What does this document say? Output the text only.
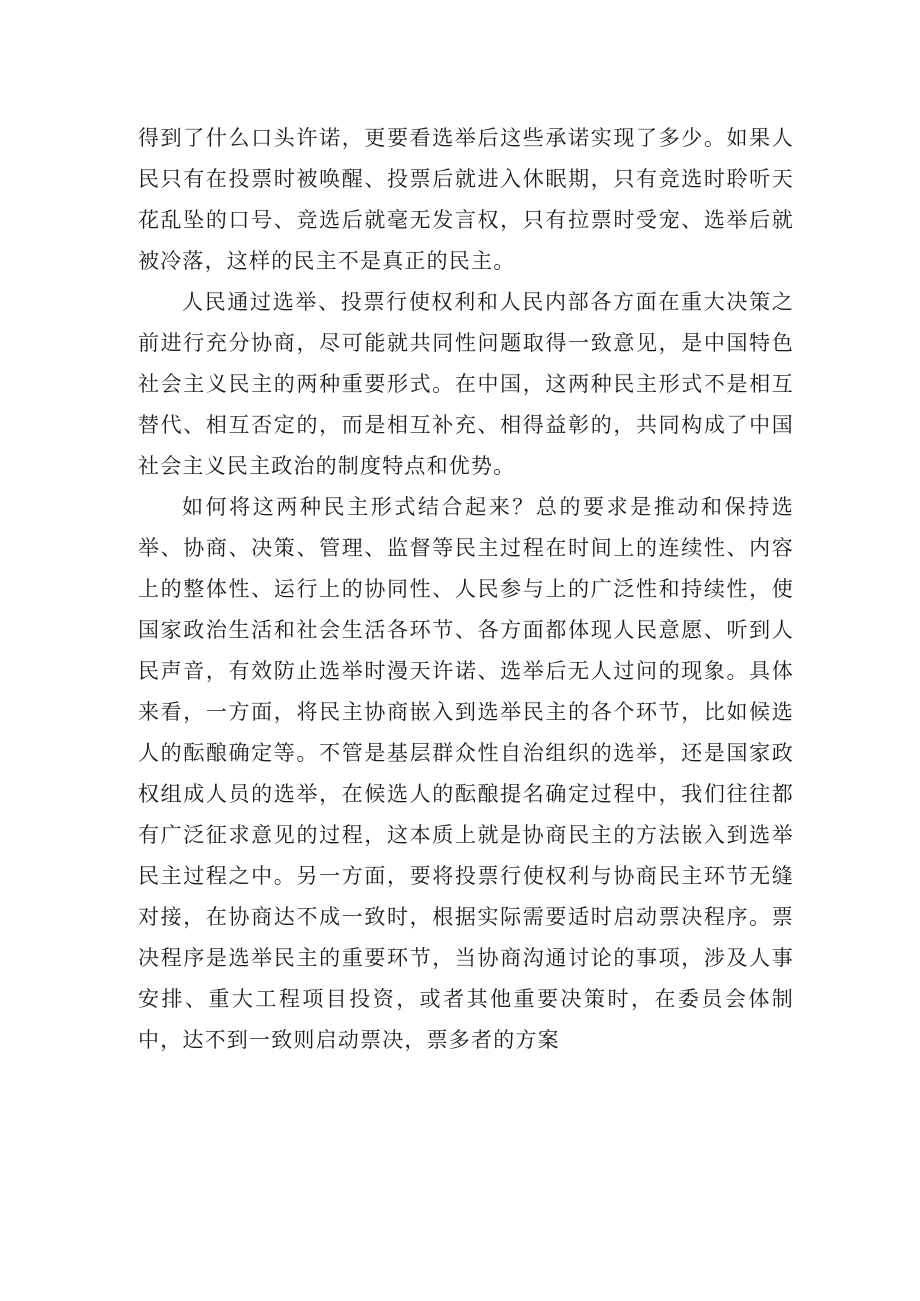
得到了什么口头许诺，更要看选举后这些承诺实现了多少。如果人民只有在投票时被唤醒、投票后就进入休眠期，只有竞选时聆听天花乱坠的口号、竞选后就毫无发言权，只有拉票时受宠、选举后就被冷落，这样的民主不是真正的民主。

人民通过选举、投票行使权利和人民内部各方面在重大决策之前进行充分协商，尽可能就共同性问题取得一致意见，是中国特色社会主义民主的两种重要形式。在中国，这两种民主形式不是相互替代、相互否定的，而是相互补充、相得益彰的，共同构成了中国社会主义民主政治的制度特点和优势。

如何将这两种民主形式结合起来？总的要求是推动和保持选举、协商、决策、管理、监督等民主过程在时间上的连续性、内容上的整体性、运行上的协同性、人民参与上的广泛性和持续性，使国家政治生活和社会生活各环节、各方面都体现人民意愿、听到人民声音，有效防止选举时漫天许诺、选举后无人过问的现象。具体来看，一方面，将民主协商嵌入到选举民主的各个环节，比如候选人的酝酿确定等。不管是基层群众性自治组织的选举，还是国家政权组成人员的选举，在候选人的酝酿提名确定过程中，我们往往都有广泛征求意见的过程，这本质上就是协商民主的方法嵌入到选举民主过程之中。另一方面，要将投票行使权利与协商民主环节无缝对接，在协商达不成一致时，根据实际需要适时启动票决程序。票决程序是选举民主的重要环节，当协商沟通讨论的事项，涉及人事安排、重大工程项目投资，或者其他重要决策时，在委员会体制中，达不到一致则启动票决，票多者的方案
